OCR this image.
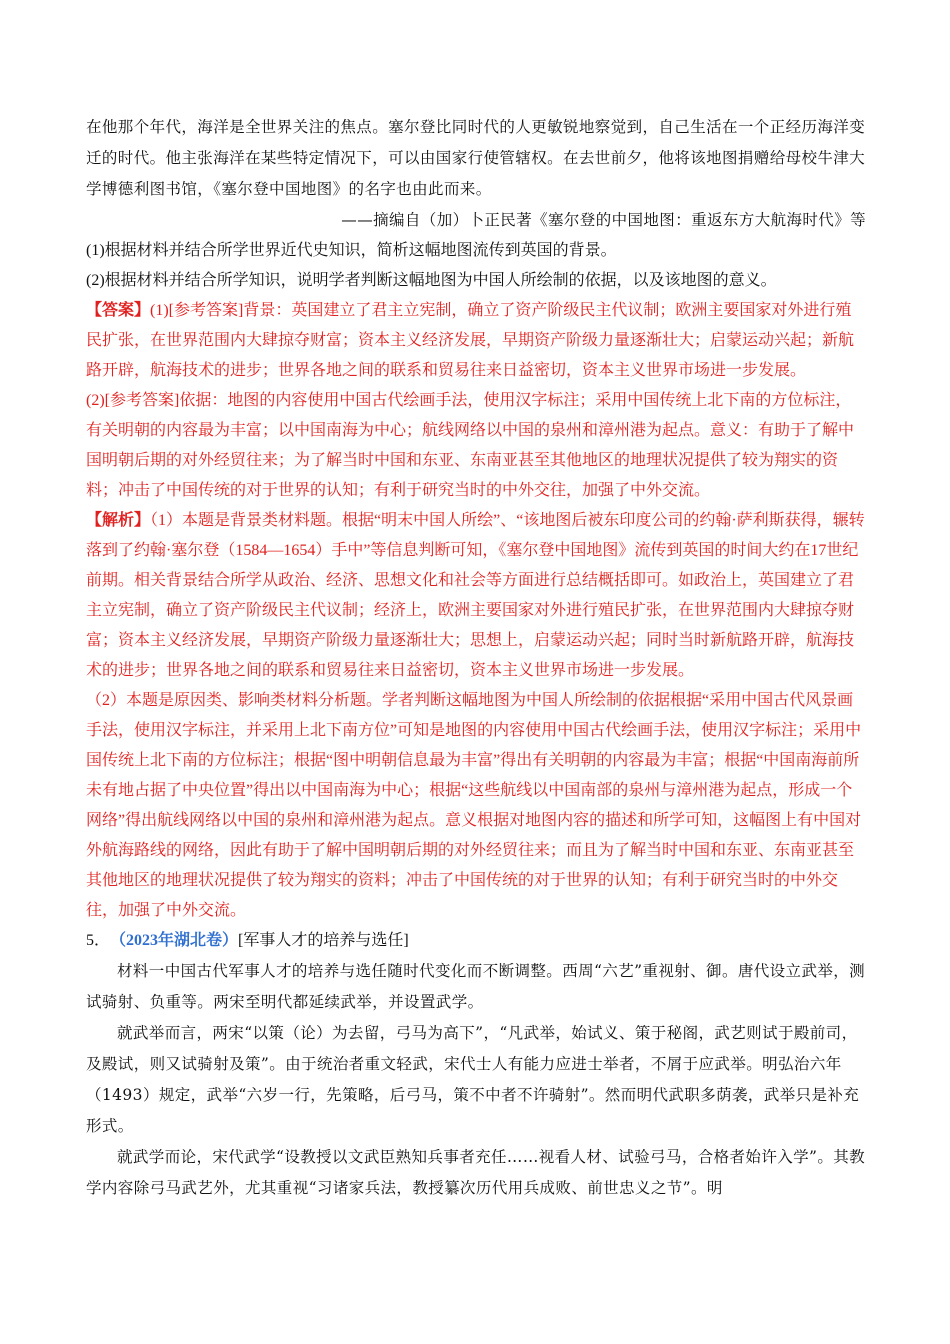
在他那个年代，海洋是全世界关注的焦点。塞尔登比同时代的人更敏锐地察觉到，自己生活在一个正经历海洋变迁的时代。他主张海洋在某些特定情况下，可以由国家行使管辖权。在去世前夕，他将该地图捐赠给母校牛津大学博德利图书馆，《塞尔登中国地图》的名字也由此而来。

——摘编自（加）卜正民著《塞尔登的中国地图：重返东方大航海时代》等

(1)根据材料并结合所学世界近代史知识，简析这幅地图流传到英国的背景。

(2)根据材料并结合所学知识，说明学者判断这幅地图为中国人所绘制的依据，以及该地图的意义。

【答案】(1)[参考答案]背景：英国建立了君主立宪制，确立了资产阶级民主代议制；欧洲主要国家对外进行殖民扩张，在世界范围内大肆掠夺财富；资本主义经济发展，早期资产阶级力量逐渐壮大；启蒙运动兴起；新航路开辟，航海技术的进步；世界各地之间的联系和贸易往来日益密切，资本主义世界市场进一步发展。

(2)[参考答案]依据：地图的内容使用中国古代绘画手法，使用汉字标注；采用中国传统上北下南的方位标注，有关明朝的内容最为丰富；以中国南海为中心；航线网络以中国的泉州和漳州港为起点。意义：有助于了解中国明朝后期的对外经贸往来；为了解当时中国和东亚、东南亚甚至其他地区的地理状况提供了较为翔实的资料；冲击了中国传统的对于世界的认知；有利于研究当时的中外交往，加强了中外交流。

【解析】（1）本题是背景类材料题。根据“明末中国人所绘”、“该地图后被东印度公司的约翰·萨利斯获得，辗转落到了约翰·塞尔登（1584—1654）手中”等信息判断可知，《塞尔登中国地图》流传到英国的时间大约在17世纪前期。相关背景结合所学从政治、经济、思想文化和社会等方面进行总结概括即可。如政治上，英国建立了君主立宪制，确立了资产阶级民主代议制；经济上，欧洲主要国家对外进行殖民扩张，在世界范围内大肆掠夺财富；资本主义经济发展，早期资产阶级力量逐渐壮大；思想上，启蒙运动兴起；同时当时新航路开辟，航海技术的进步；世界各地之间的联系和贸易往来日益密切，资本主义世界市场进一步发展。

（2）本题是原因类、影响类材料分析题。学者判断这幅地图为中国人所绘制的依据根据“采用中国古代风景画手法，使用汉字标注，并采用上北下南方位”可知是地图的内容使用中国古代绘画手法，使用汉字标注；采用中国传统上北下南的方位标注；根据“图中明朝信息最为丰富”得出有关明朝的内容最为丰富；根据“中国南海前所未有地占据了中央位置”得出以中国南海为中心；根据“这些航线以中国南部的泉州与漳州港为起点，形成一个网络”得出航线网络以中国的泉州和漳州港为起点。意义根据对地图内容的描述和所学可知，这幅图上有中国对外航海路线的网络，因此有助于了解中国明朝后期的对外经贸往来；而且为了解当时中国和东亚、东南亚甚至其他地区的地理状况提供了较为翔实的资料；冲击了中国传统的对于世界的认知；有利于研究当时的中外交往，加强了中外交流。

5．（2023年湖北卷）[军事人才的培养与选任]

材料一中国古代军事人才的培养与选任随时代变化而不断调整。西周“六艺”重视射、御。唐代设立武举，测试骑射、负重等。两宋至明代都延续武举，并设置武学。

就武举而言，两宋“以策（论）为去留，弓马为高下”，“凡武举，始试义、策于秘阁，武艺则试于殿前司，及殿试，则又试骑射及策”。由于统治者重文轻武，宋代士人有能力应进士举者，不屑于应武举。明弘治六年（1493）规定，武举“六岁一行，先策略，后弓马，策不中者不许骑射”。然而明代武职多荫袭，武举只是补充形式。

就武学而论，宋代武学“设教授以文武臣熟知兵事者充任……视看人材、试验弓马，合格者始许入学”。其教学内容除弓马武艺外，尤其重视“习诸家兵法，教授纂次历代用兵成败、前世忠义之节”。明
